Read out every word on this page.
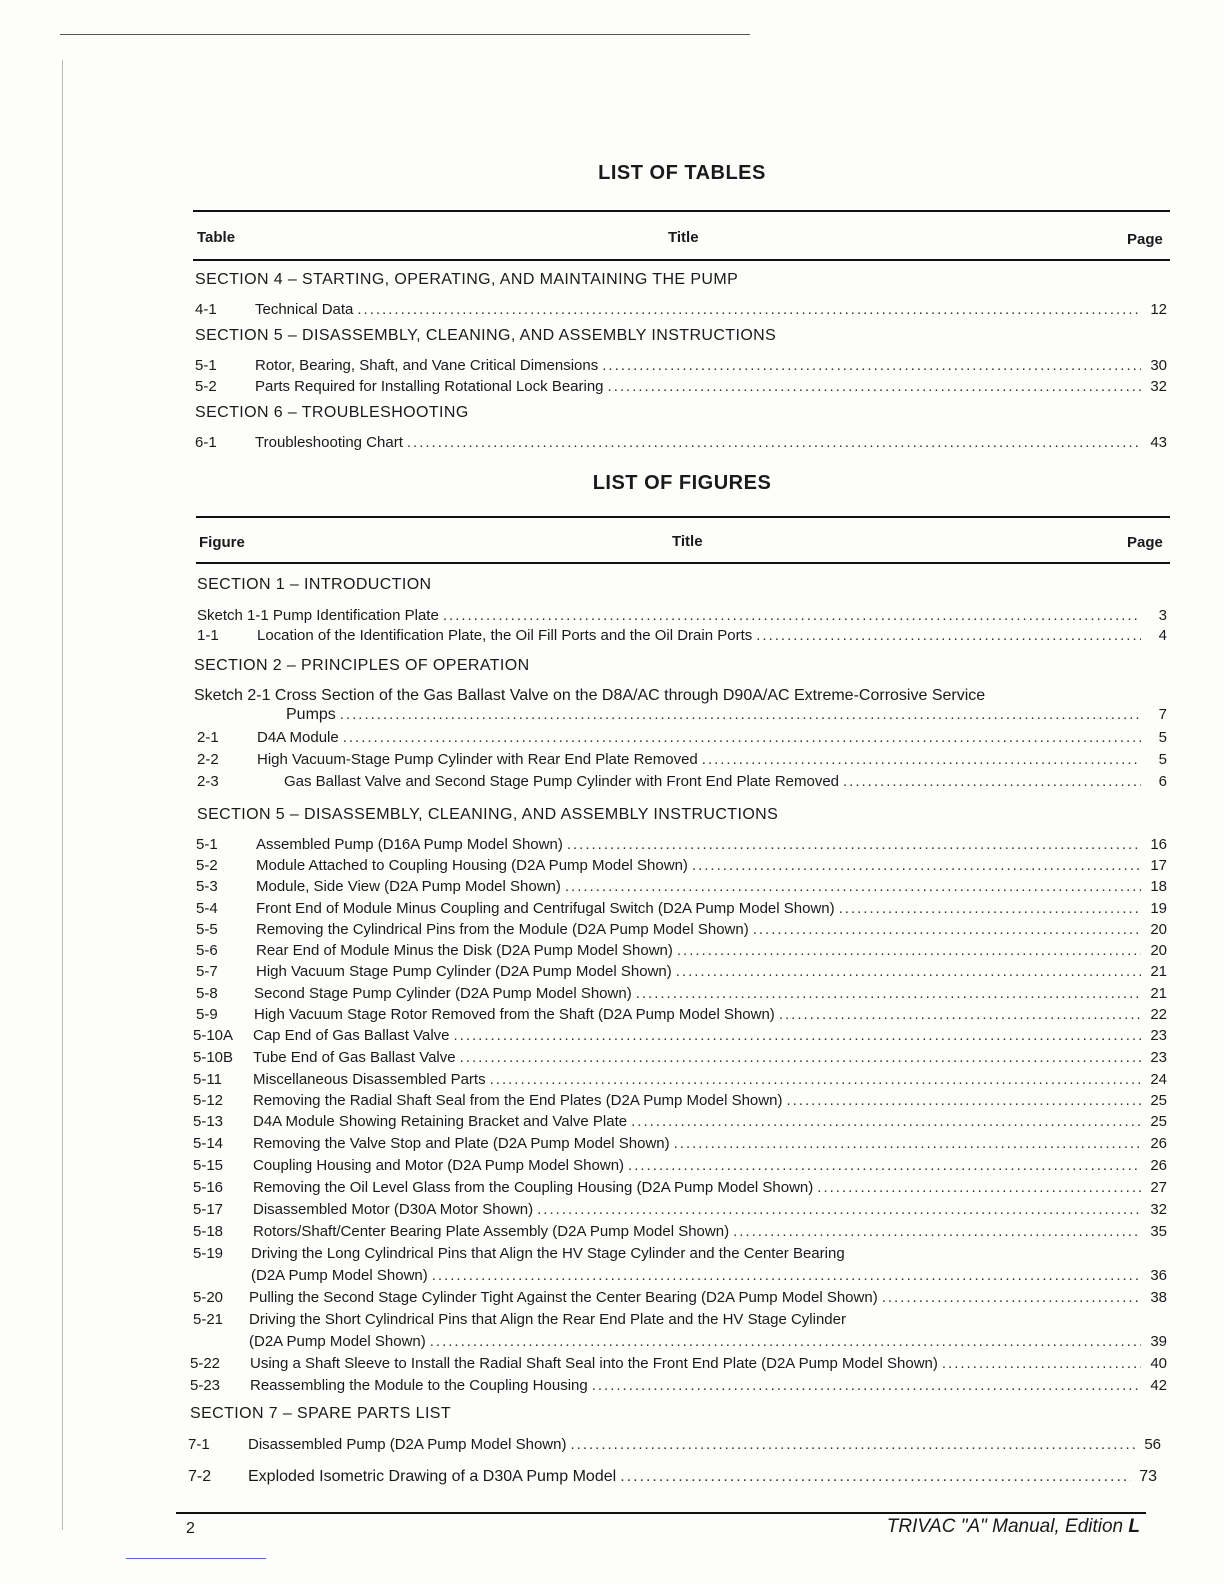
LIST OF TABLES
Table	Title	Page
SECTION 4 – STARTING, OPERATING, AND MAINTAINING THE PUMP
4-1	Technical Data .....	12
SECTION 5 – DISASSEMBLY, CLEANING, AND ASSEMBLY INSTRUCTIONS
5-1	Rotor, Bearing, Shaft, and Vane Critical Dimensions .....	30
5-2	Parts Required for Installing Rotational Lock Bearing .....	32
SECTION 6 – TROUBLESHOOTING
6-1	Troubleshooting Chart .....	43
LIST OF FIGURES
Figure	Title	Page
SECTION 1 – INTRODUCTION
Sketch 1-1 Pump Identification Plate .....	3
1-1	Location of the Identification Plate, the Oil Fill Ports and the Oil Drain Ports .....	4
SECTION 2 – PRINCIPLES OF OPERATION
Sketch 2-1 Cross Section of the Gas Ballast Valve on the D8A/AC through D90A/AC Extreme-Corrosive Service
Pumps .....	7
2-1	D4A Module .....	5
2-2	High Vacuum-Stage Pump Cylinder with Rear End Plate Removed .....	5
2-3	Gas Ballast Valve and Second Stage Pump Cylinder with Front End Plate Removed .....	6
SECTION 5 – DISASSEMBLY, CLEANING, AND ASSEMBLY INSTRUCTIONS
5-1	Assembled Pump (D16A Pump Model Shown) .....	16
5-2	Module Attached to Coupling Housing (D2A Pump Model Shown) .....	17
5-3	Module, Side View (D2A Pump Model Shown) .....	18
5-4	Front End of Module Minus Coupling and Centrifugal Switch (D2A Pump Model Shown) .....	19
5-5	Removing the Cylindrical Pins from the Module (D2A Pump Model Shown) .....	20
5-6	Rear End of Module Minus the Disk (D2A Pump Model Shown) .....	20
5-7	High Vacuum Stage Pump Cylinder (D2A Pump Model Shown) .....	21
5-8	Second Stage Pump Cylinder (D2A Pump Model Shown) .....	21
5-9	High Vacuum Stage Rotor Removed from the Shaft (D2A Pump Model Shown) .....	22
5-10A	Cap End of Gas Ballast Valve .....	23
5-10B	Tube End of Gas Ballast Valve .....	23
5-11	Miscellaneous Disassembled Parts .....	24
5-12	Removing the Radial Shaft Seal from the End Plates (D2A Pump Model Shown) .....	25
5-13	D4A Module Showing Retaining Bracket and Valve Plate .....	25
5-14	Removing the Valve Stop and Plate (D2A Pump Model Shown) .....	26
5-15	Coupling Housing and Motor (D2A Pump Model Shown) .....	26
5-16	Removing the Oil Level Glass from the Coupling Housing (D2A Pump Model Shown) .....	27
5-17	Disassembled Motor (D30A Motor Shown) .....	32
5-18	Rotors/Shaft/Center Bearing Plate Assembly (D2A Pump Model Shown) .....	35
5-19	Driving the Long Cylindrical Pins that Align the HV Stage Cylinder and the Center Bearing
(D2A Pump Model Shown) .....	36
5-20	Pulling the Second Stage Cylinder Tight Against the Center Bearing (D2A Pump Model Shown) .....	38
5-21	Driving the Short Cylindrical Pins that Align the Rear End Plate and the HV Stage Cylinder
(D2A Pump Model Shown) .....	39
5-22	Using a Shaft Sleeve to Install the Radial Shaft Seal into the Front End Plate (D2A Pump Model Shown) .....	40
5-23	Reassembling the Module to the Coupling Housing .....	42
SECTION 7 – SPARE PARTS LIST
7-1	Disassembled Pump (D2A Pump Model Shown) .....	56
7-2	Exploded Isometric Drawing of a D30A Pump Model .....	73
2	TRIVAC "A" Manual, Edition L
